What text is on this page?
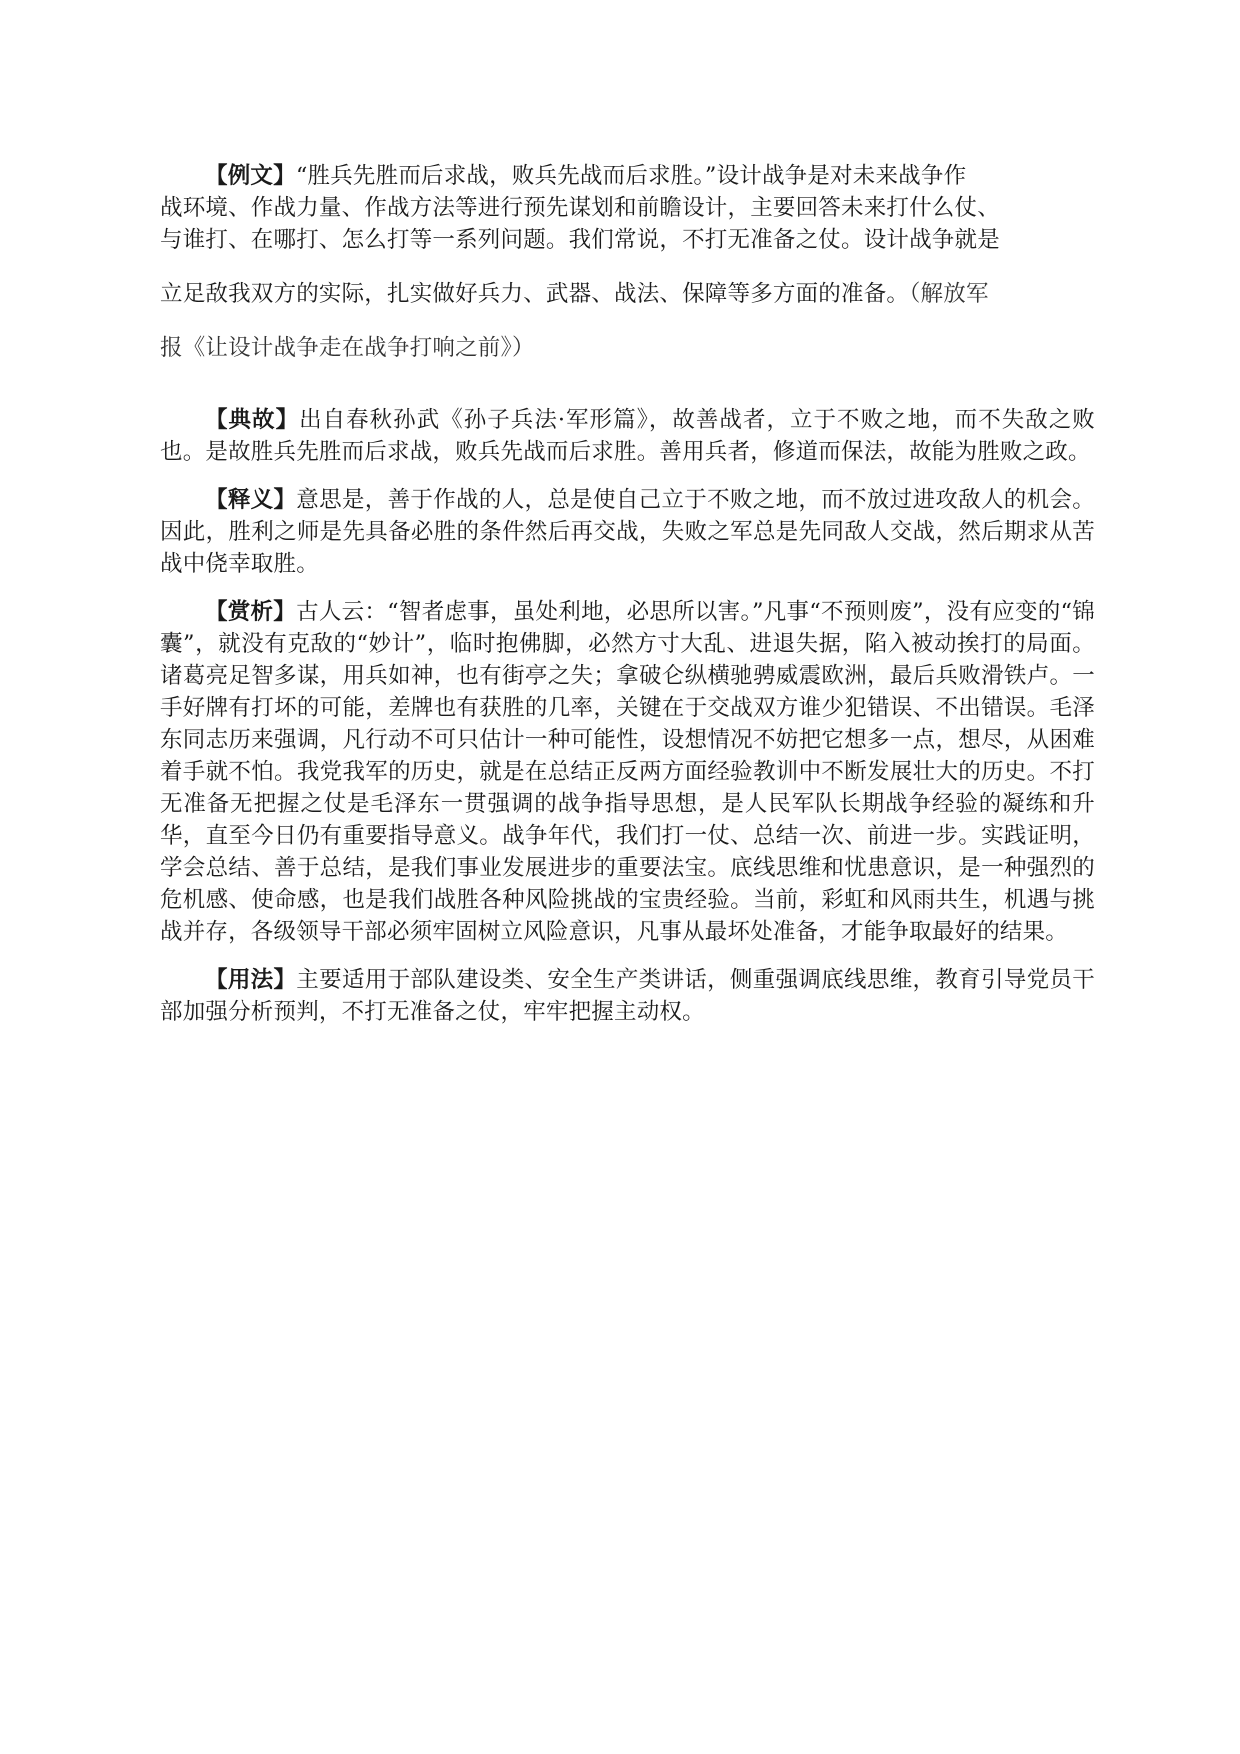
【例文】“胜兵先胜而后求战，败兵先战而后求胜。”设计战争是对未来战争作
战环境、作战力量、作战方法等进行预先谋划和前瞻设计，主要回答未来打什么仗、
与谁打、在哪打、怎么打等一系列问题。我们常说，不打无准备之仗。设计战争就是
立足敌我双方的实际，扎实做好兵力、武器、战法、保障等多方面的准备。（解放军
报《让设计战争走在战争打响之前》）

【典故】出自春秋孙武《孙子兵法·军形篇》，故善战者，立于不败之地，而不失敌之败也。是故胜兵先胜而后求战，败兵先战而后求胜。善用兵者，修道而保法，故能为胜败之政。

【释义】意思是，善于作战的人，总是使自己立于不败之地，而不放过进攻敌人的机会。因此，胜利之师是先具备必胜的条件然后再交战，失败之军总是先同敌人交战，然后期求从苦战中侥幸取胜。

【赏析】古人云：“智者虑事，虽处利地，必思所以害。”凡事“不预则废”，没有应变的“锦囊”，就没有克敌的“妙计”，临时抱佛脚，必然方寸大乱、进退失据，陷入被动挨打的局面。诸葛亮足智多谋，用兵如神，也有街亭之失；拿破仑纵横驰骋威震欧洲，最后兵败滑铁卢。一手好牌有打坏的可能，差牌也有获胜的几率，关键在于交战双方谁少犯错误、不出错误。毛泽东同志历来强调，凡行动不可只估计一种可能性，设想情况不妨把它想多一点，想尽，从困难着手就不怕。我党我军的历史，就是在总结正反两方面经验教训中不断发展壮大的历史。不打无准备无把握之仗是毛泽东一贯强调的战争指导思想，是人民军队长期战争经验的凝练和升华，直至今日仍有重要指导意义。战争年代，我们打一仗、总结一次、前进一步。实践证明，学会总结、善于总结，是我们事业发展进步的重要法宝。底线思维和忧患意识，是一种强烈的危机感、使命感，也是我们战胜各种风险挑战的宝贵经验。当前，彩虹和风雨共生，机遇与挑战并存，各级领导干部必须牢固树立风险意识，凡事从最坏处准备，才能争取最好的结果。

【用法】主要适用于部队建设类、安全生产类讲话，侧重强调底线思维，教育引导党员干部加强分析预判，不打无准备之仗，牢牢把握主动权。
